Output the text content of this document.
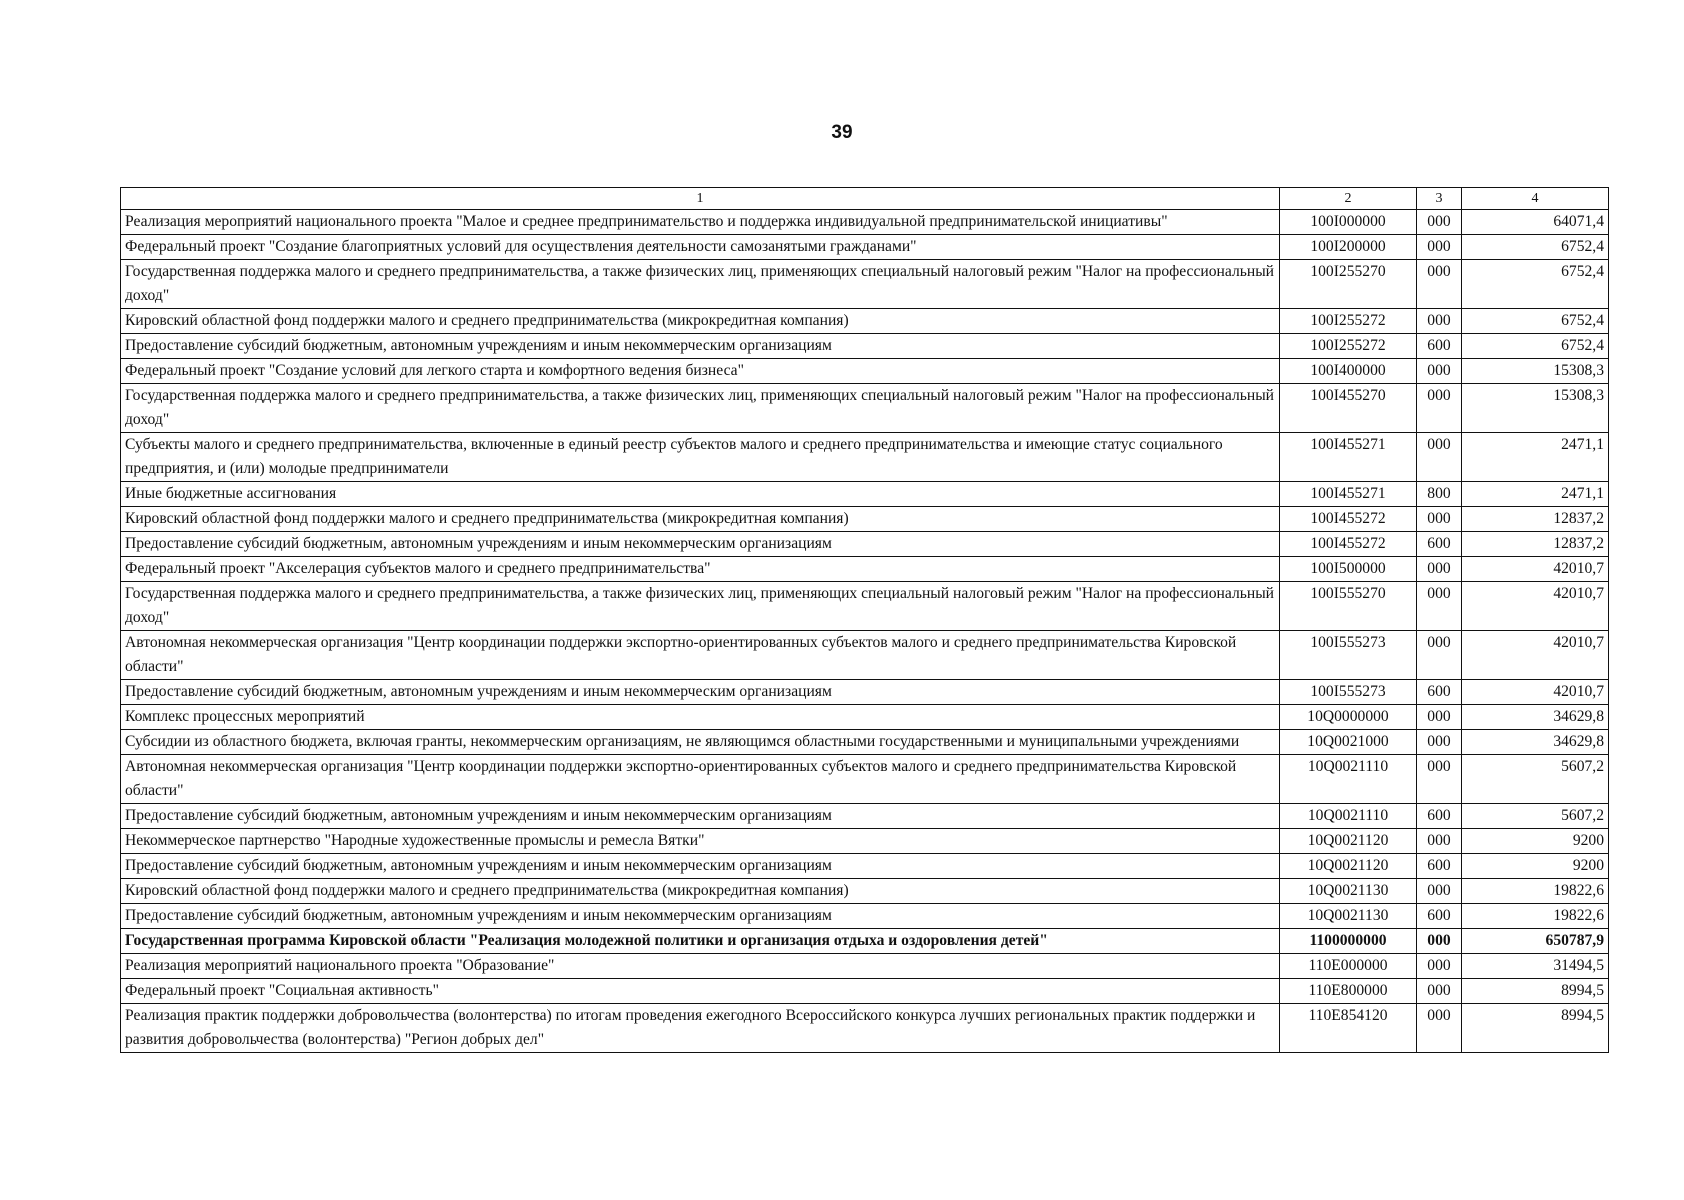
39
1	2	3	4
Реализация мероприятий национального проекта "Малое и среднее предпринимательство и поддержка индивидуальной предпринимательской инициативы"	100I000000	000	64071,4
Федеральный проект "Создание благоприятных условий для осуществления деятельности самозанятыми гражданами"	100I200000	000	6752,4
Государственная поддержка малого и среднего предпринимательства, а также физических лиц, применяющих специальный налоговый режим "Налог на профессиональный доход"	100I255270	000	6752,4
Кировский областной фонд поддержки малого и среднего предпринимательства (микрокредитная компания)	100I255272	000	6752,4
Предоставление субсидий бюджетным, автономным учреждениям и иным некоммерческим организациям	100I255272	600	6752,4
Федеральный проект "Создание условий для легкого старта и комфортного ведения бизнеса"	100I400000	000	15308,3
Государственная поддержка малого и среднего предпринимательства, а также физических лиц, применяющих специальный налоговый режим "Налог на профессиональный доход"	100I455270	000	15308,3
Субъекты малого и среднего предпринимательства, включенные в единый реестр субъектов малого и среднего предпринимательства и имеющие статус социального предприятия, и (или) молодые предприниматели	100I455271	000	2471,1
Иные бюджетные ассигнования	100I455271	800	2471,1
Кировский областной фонд поддержки малого и среднего предпринимательства (микрокредитная компания)	100I455272	000	12837,2
Предоставление субсидий бюджетным, автономным учреждениям и иным некоммерческим организациям	100I455272	600	12837,2
Федеральный проект "Акселерация субъектов малого и среднего предпринимательства"	100I500000	000	42010,7
Государственная поддержка малого и среднего предпринимательства, а также физических лиц, применяющих специальный налоговый режим "Налог на профессиональный доход"	100I555270	000	42010,7
Автономная некоммерческая организация "Центр координации поддержки экспортно-ориентированных субъектов малого и среднего предпринимательства Кировской области"	100I555273	000	42010,7
Предоставление субсидий бюджетным, автономным учреждениям и иным некоммерческим организациям	100I555273	600	42010,7
Комплекс процессных мероприятий	10Q0000000	000	34629,8
Субсидии из областного бюджета, включая гранты, некоммерческим организациям, не являющимся областными государственными и муниципальными учреждениями	10Q0021000	000	34629,8
Автономная некоммерческая организация "Центр координации поддержки экспортно-ориентированных субъектов малого и среднего предпринимательства Кировской области"	10Q0021110	000	5607,2
Предоставление субсидий бюджетным, автономным учреждениям и иным некоммерческим организациям	10Q0021110	600	5607,2
Некоммерческое партнерство "Народные художественные промыслы и ремесла Вятки"	10Q0021120	000	9200
Предоставление субсидий бюджетным, автономным учреждениям и иным некоммерческим организациям	10Q0021120	600	9200
Кировский областной фонд поддержки малого и среднего предпринимательства (микрокредитная компания)	10Q0021130	000	19822,6
Предоставление субсидий бюджетным, автономным учреждениям и иным некоммерческим организациям	10Q0021130	600	19822,6
Государственная программа Кировской области "Реализация молодежной политики и организация отдыха и оздоровления детей"	1100000000	000	650787,9
Реализация мероприятий национального проекта "Образование"	110E000000	000	31494,5
Федеральный проект "Социальная активность"	110E800000	000	8994,5
Реализация практик поддержки добровольчества (волонтерства) по итогам проведения ежегодного Всероссийского конкурса лучших региональных практик поддержки и развития добровольчества (волонтерства) "Регион добрых дел"	110E854120	000	8994,5
